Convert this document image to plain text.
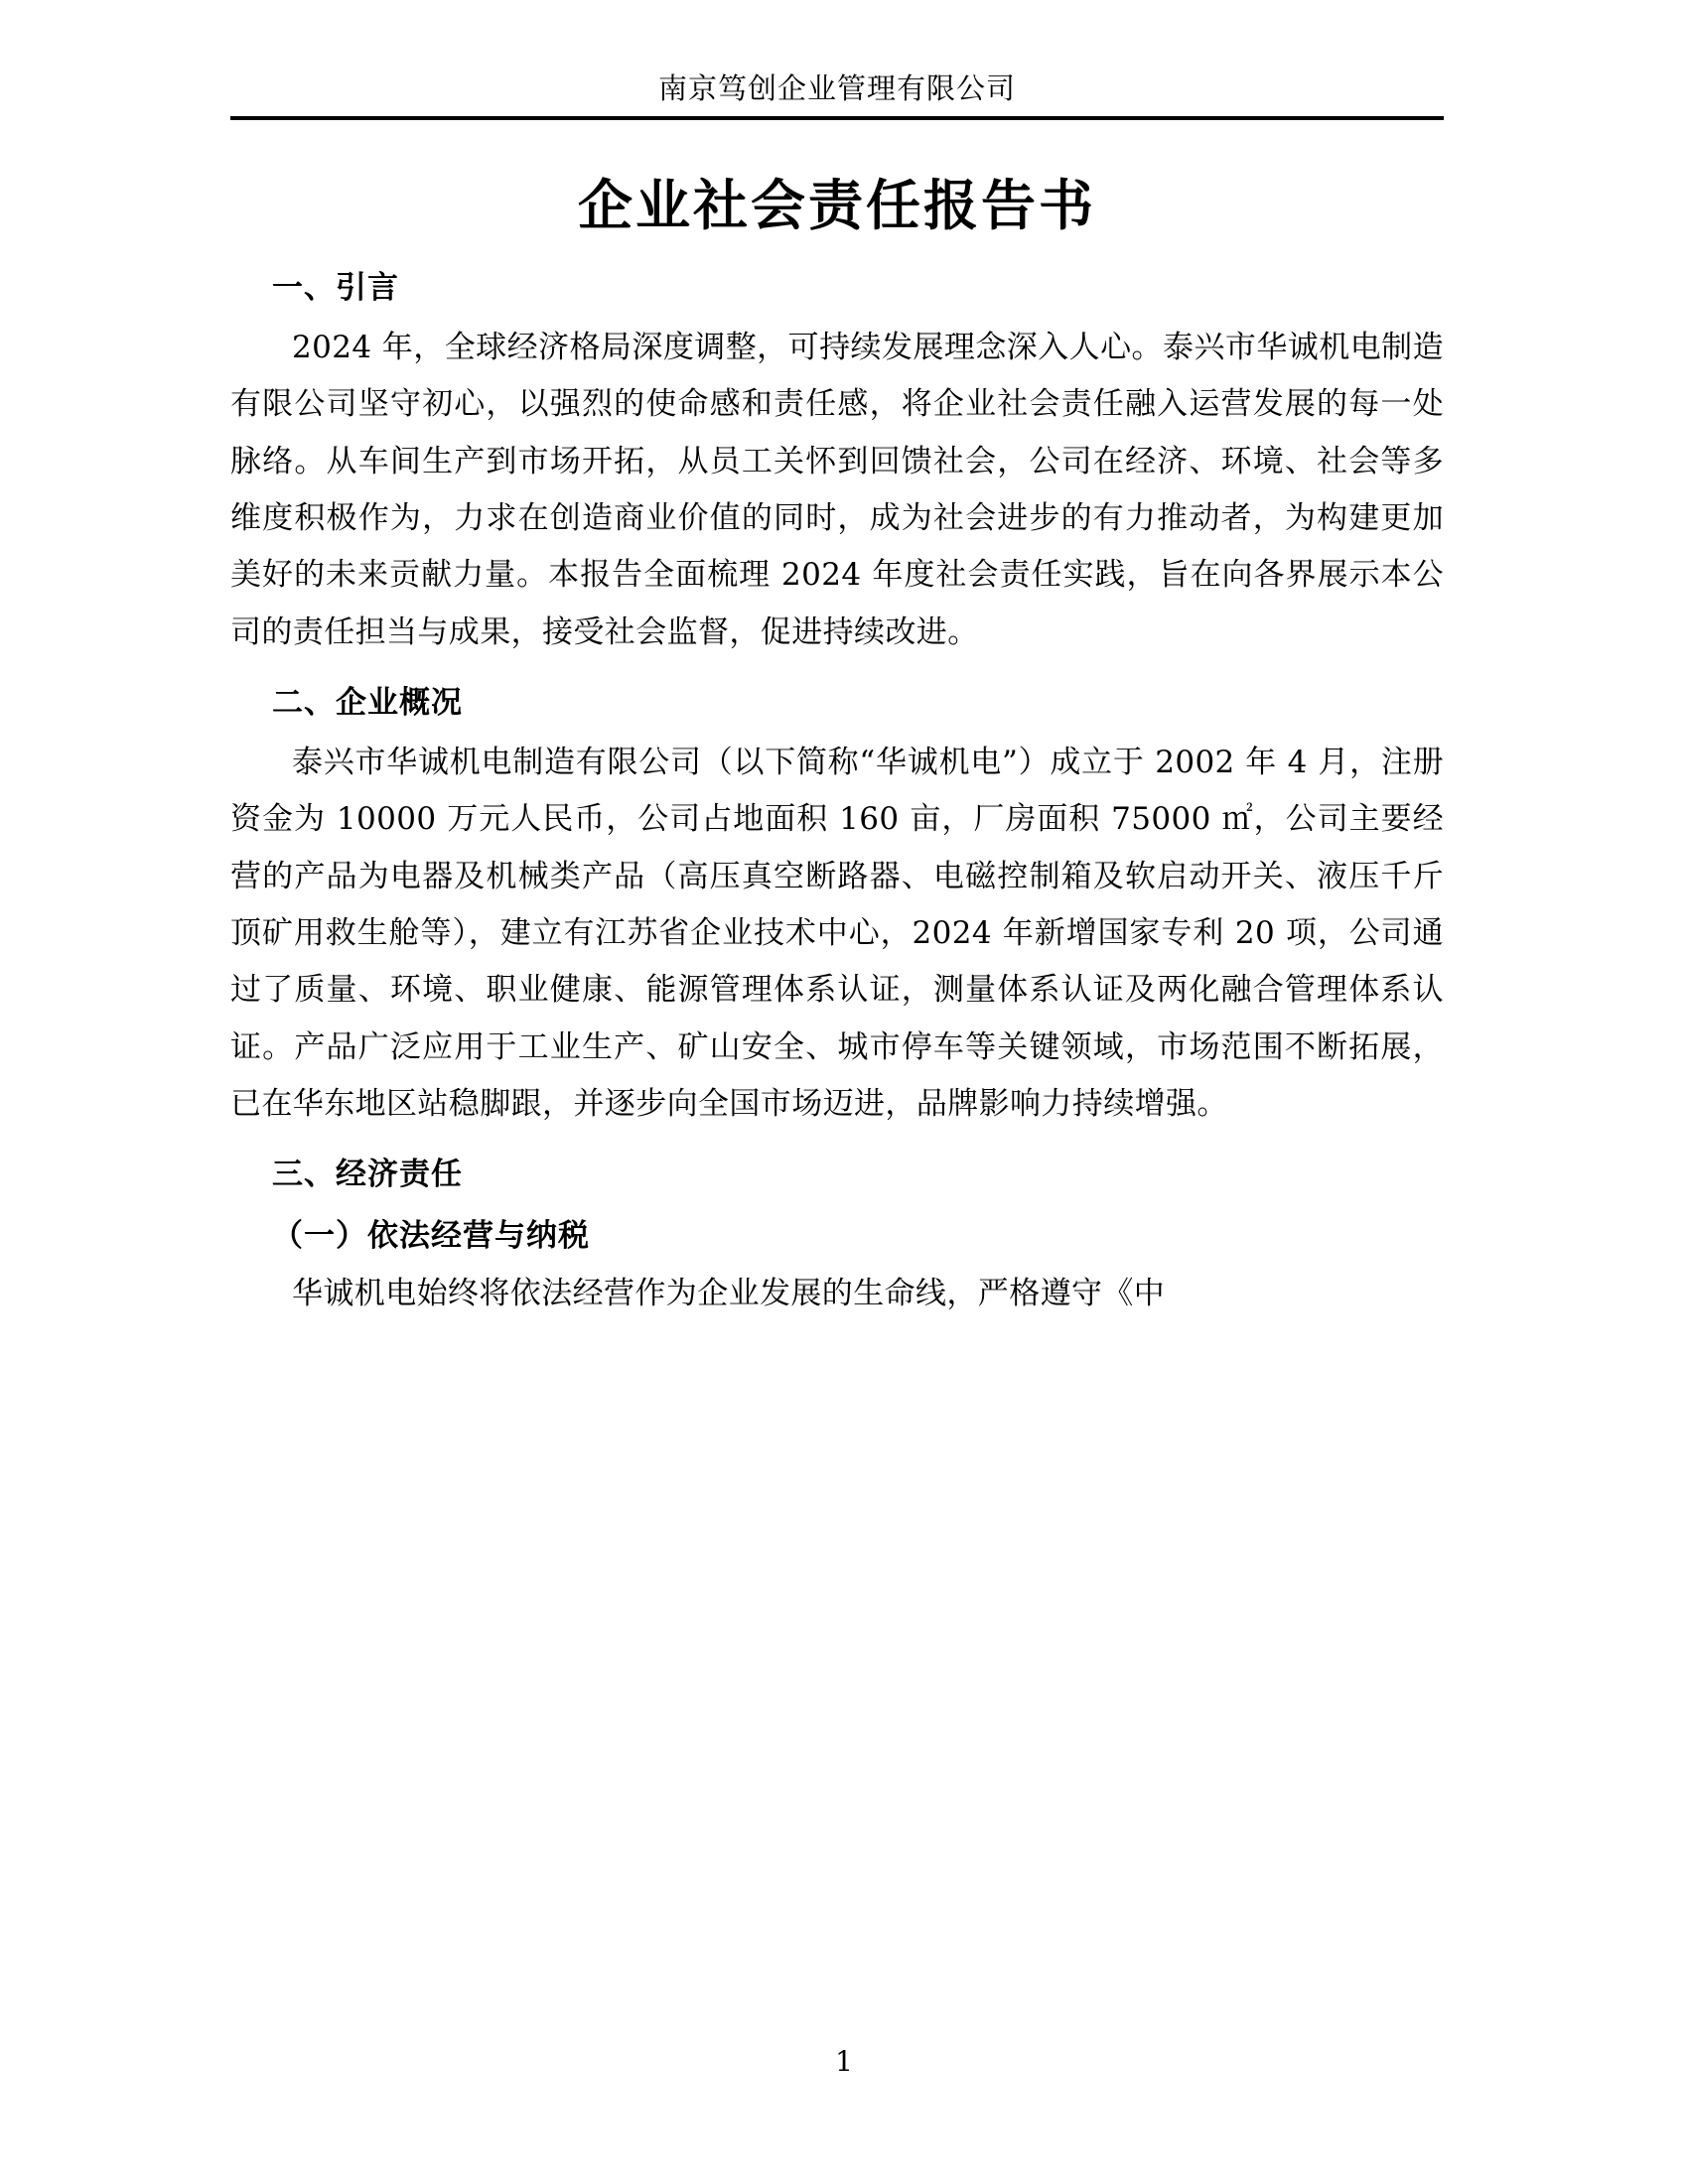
南京笃创企业管理有限公司
企业社会责任报告书
一、引言

2024 年，全球经济格局深度调整，可持续发展理念深入人心。泰兴市华诚机电制造有限公司坚守初心，以强烈的使命感和责任感，将企业社会责任融入运营发展的每一处脉络。从车间生产到市场开拓，从员工关怀到回馈社会，公司在经济、环境、社会等多维度积极作为，力求在创造商业价值的同时，成为社会进步的有力推动者，为构建更加美好的未来贡献力量。本报告全面梳理 2024 年度社会责任实践，旨在向各界展示本公司的责任担当与成果，接受社会监督，促进持续改进。

二、企业概况

泰兴市华诚机电制造有限公司（以下简称“华诚机电”）成立于 2002 年 4 月，注册资金为 10000 万元人民币，公司占地面积 160 亩，厂房面积 75000 ㎡，公司主要经营的产品为电器及机械类产品（高压真空断路器、电磁控制箱及软启动开关、液压千斤顶矿用救生舱等），建立有江苏省企业技术中心，2024 年新增国家专利 20 项，公司通过了质量、环境、职业健康、能源管理体系认证，测量体系认证及两化融合管理体系认证。产品广泛应用于工业生产、矿山安全、城市停车等关键领域，市场范围不断拓展，已在华东地区站稳脚跟，并逐步向全国市场迈进，品牌影响力持续增强。

三、经济责任
（一）依法经营与纳税

华诚机电始终将依法经营作为企业发展的生命线，严格遵守《中

1
